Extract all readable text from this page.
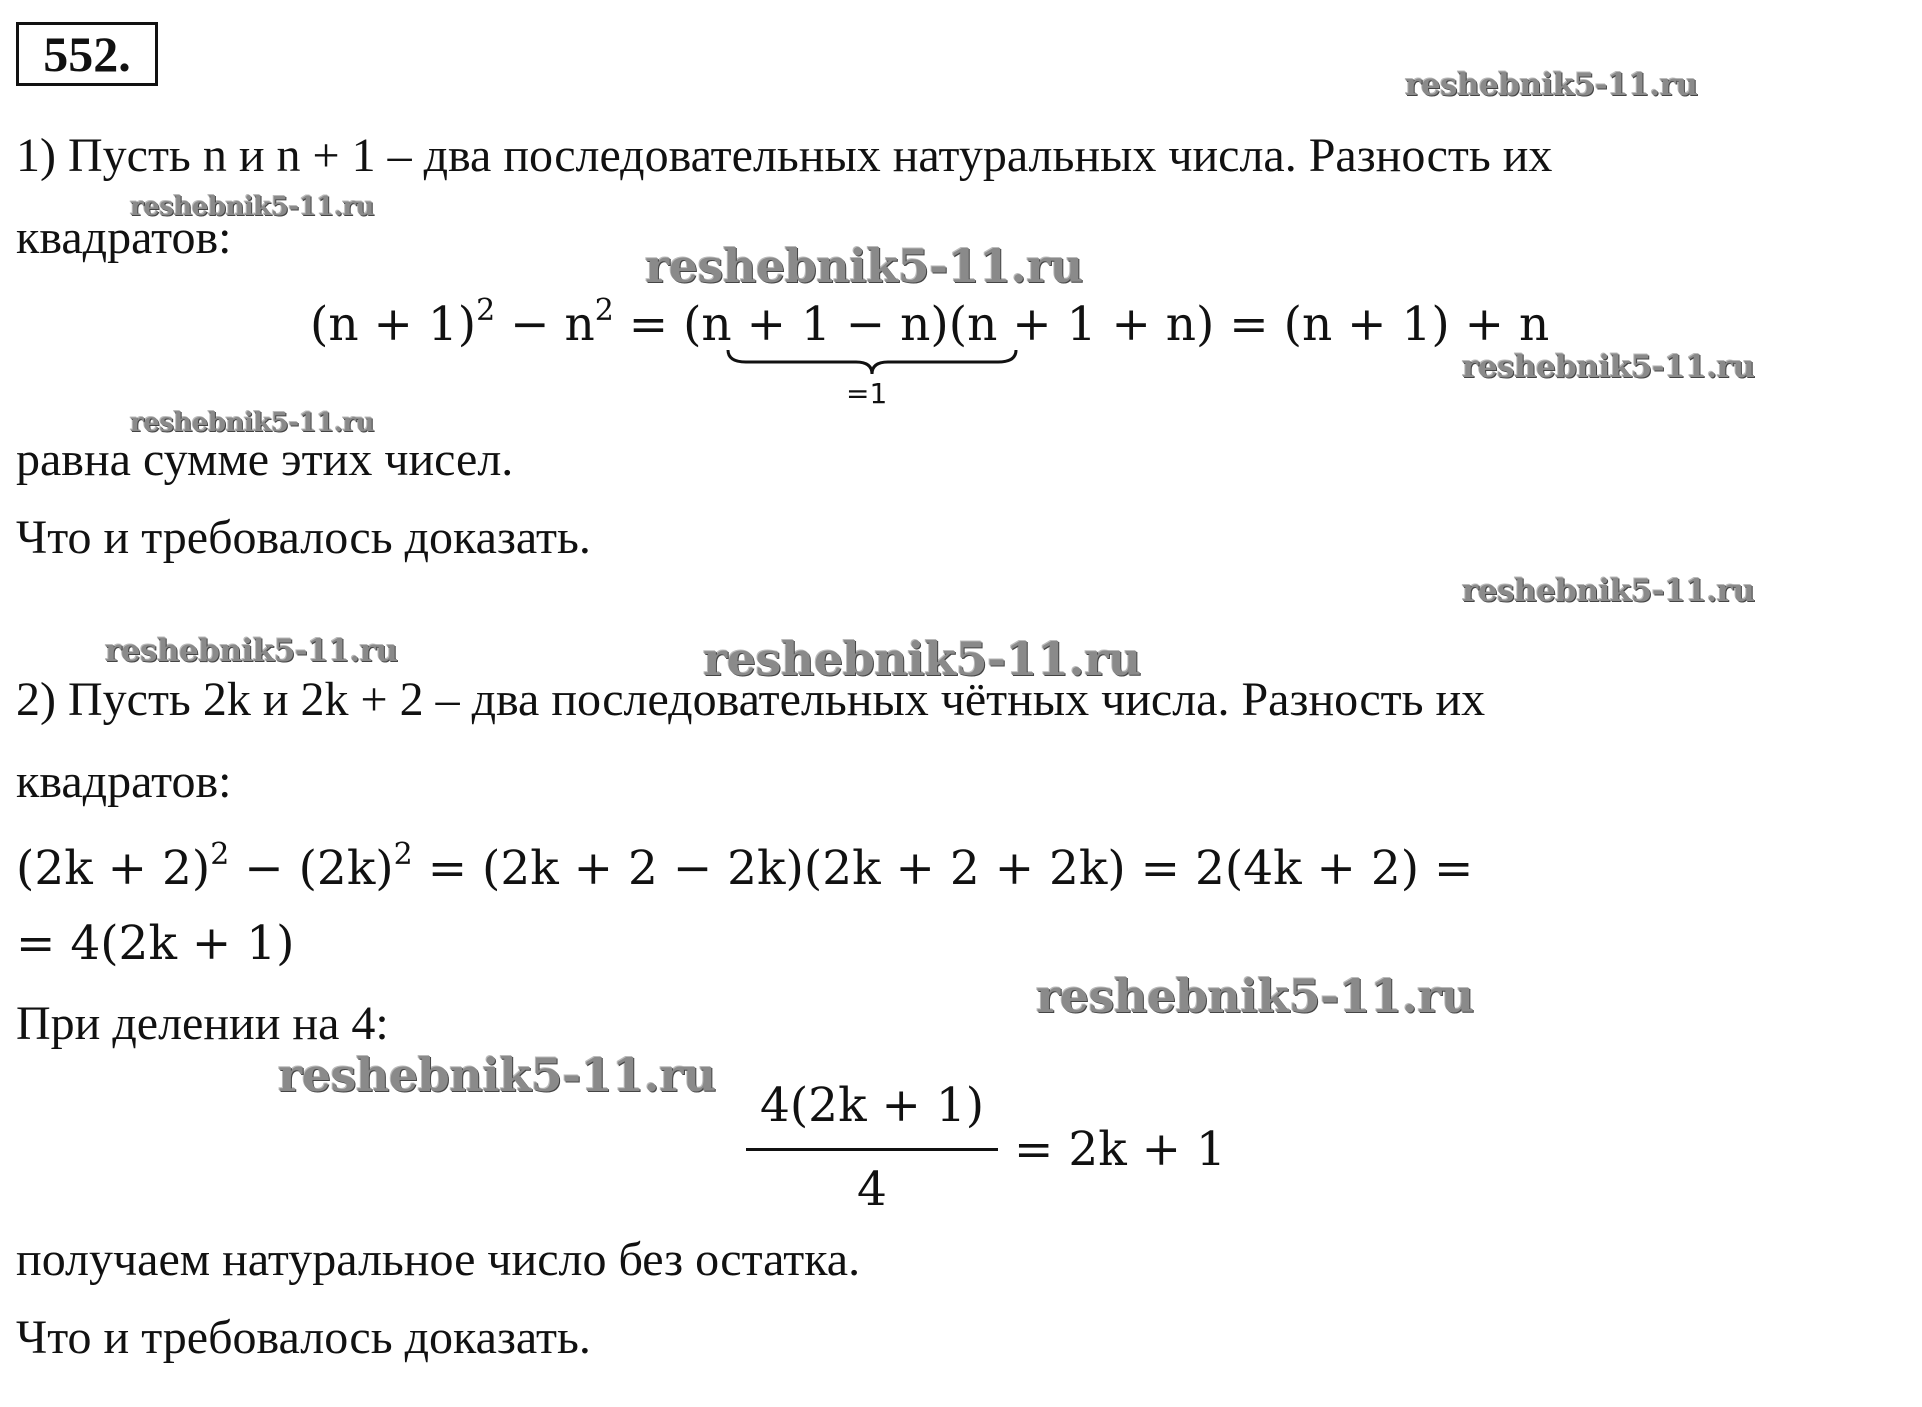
552.
reshebnik5-11.ru
reshebnik5-11.ru
reshebnik5-11.ru
reshebnik5-11.ru
reshebnik5-11.ru
reshebnik5-11.ru
reshebnik5-11.ru	reshebnik5-11.ru
reshebnik5-11.ru
reshebnik5-11.ru
1) Пусть n и n + 1 – два последовательных натуральных числа. Разность их
квадратов:
$(n + 1)^2 - n^2 = (n + 1 - n)(n + 1 + n) = (n + 1) + n$
=1
равна сумме этих чисел.
Что и требовалось доказать.
2) Пусть 2k и 2k + 2 – два последовательных чётных числа. Разность их
квадратов:
$(2k + 2)^2 - (2k)^2 = (2k + 2 - 2k)(2k + 2 + 2k) = 2(4k + 2)$ =
= 4(2k + 1)
При делении на 4:
4(2k + 1)
4
= 2k + 1
получаем натуральное число без остатка.
Что и требовалось доказать.
